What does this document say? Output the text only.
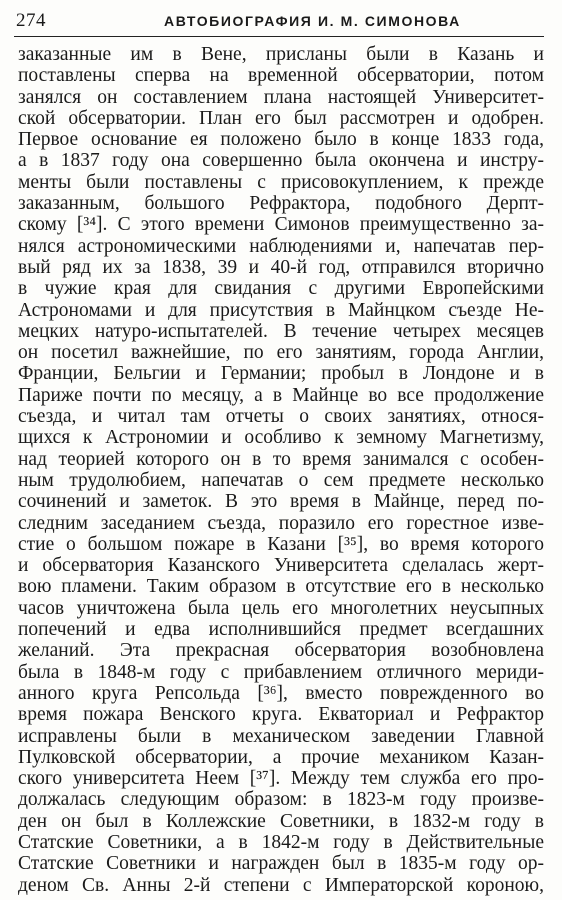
274	АВТОБИОГРАФИЯ И. М. СИМОНОВА
заказанные им в Вене, присланы были в Казань и
поставлены сперва на временной обсерватории, потом
занялся он составлением плана настоящей Университет-
ской обсерватории. План его был рассмотрен и одобрен.
Первое основание ея положено было в конце 1833 года,
а в 1837 году она совершенно была окончена и инстру-
менты были поставлены с присовокуплением, к прежде
заказанным, большого Рефрактора, подобного Дерпт-
скому [³⁴]. С этого времени Симонов преимущественно за-
нялся астрономическими наблюдениями и, напечатав пер-
вый ряд их за 1838, 39 и 40-й год, отправился вторично
в чужие края для свидания с другими Европейскими
Астрономами и для присутствия в Майнцком съезде Не-
мецких натуро-испытателей. В течение четырех месяцев
он посетил важнейшие, по его занятиям, города Англии,
Франции, Бельгии и Германии; пробыл в Лондоне и в
Париже почти по месяцу, а в Майнце во все продолжение
съезда, и читал там отчеты о своих занятиях, относя-
щихся к Астрономии и особливо к земному Магнетизму,
над теорией которого он в то время занимался с особен-
ным трудолюбием, напечатав о сем предмете несколько
сочинений и заметок. В это время в Майнце, перед по-
следним заседанием съезда, поразило его горестное изве-
стие о большом пожаре в Казани [³⁵], во время которого
и обсерватория Казанского Университета сделалась жерт-
вою пламени. Таким образом в отсутствие его в несколько
часов уничтожена была цель его многолетних неусыпных
попечений и едва исполнившийся предмет всегдашних
желаний. Эта прекрасная обсерватория возобновлена
была в 1848-м году с прибавлением отличного мериди-
анного круга Репсольда [³⁶], вместо поврежденного во
время пожара Венского круга. Екваториал и Рефрактор
исправлены были в механическом заведении Главной
Пулковской обсерватории, а прочие механиком Казан-
ского университета Неем [³⁷]. Между тем служба его про-
должалась следующим образом: в 1823-м году произве-
ден он был в Коллежские Советники, в 1832-м году в
Статские Советники, а в 1842-м году в Действительные
Статские Советники и награжден был в 1835-м году ор-
деном Св. Анны 2-й степени с Императорской короною,
